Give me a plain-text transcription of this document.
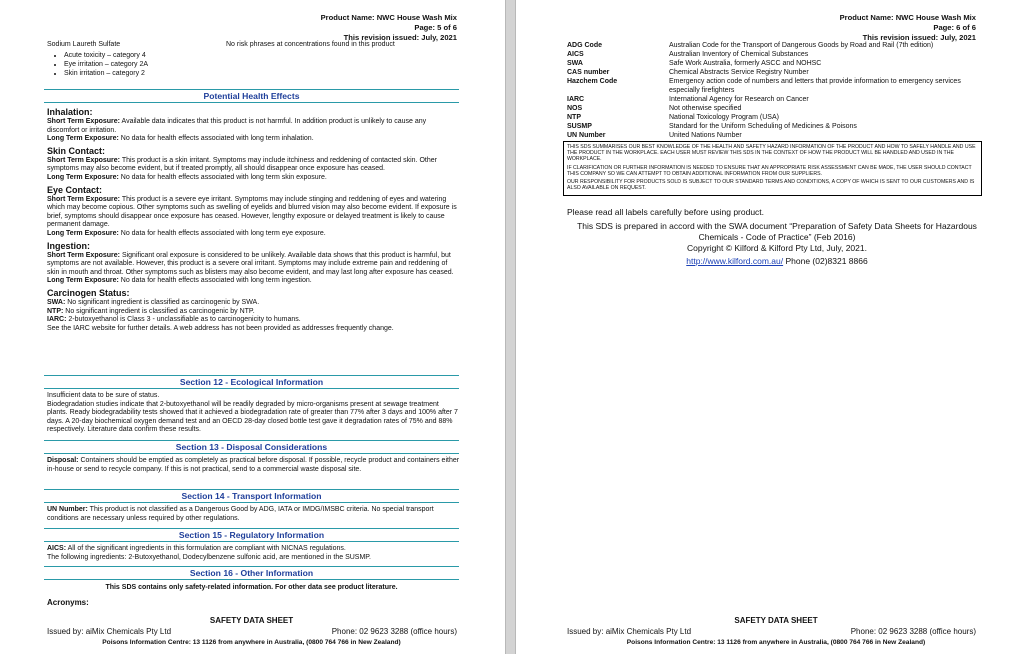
Product Name: NWC House Wash Mix
Page: 5 of 6
This revision issued: July, 2021
Sodium Laureth Sulfate	No risk phrases at concentrations found in this product
• Acute toxicity – category 4
• Eye irritation – category 2A
• Skin irritation – category 2
Potential Health Effects
Inhalation:
Short Term Exposure: Available data indicates that this product is not harmful. In addition product is unlikely to cause any discomfort or irritation.
Long Term Exposure: No data for health effects associated with long term inhalation.
Skin Contact:
Short Term Exposure: This product is a skin irritant. Symptoms may include itchiness and reddening of contacted skin. Other symptoms may also become evident, but if treated promptly, all should disappear once exposure has ceased.
Long Term Exposure: No data for health effects associated with long term skin exposure.
Eye Contact:
Short Term Exposure: This product is a severe eye irritant. Symptoms may include stinging and reddening of eyes and watering which may become copious. Other symptoms such as swelling of eyelids and blurred vision may also become evident. If exposure is brief, symptoms should disappear once exposure has ceased. However, lengthy exposure or delayed treatment is likely to cause permanent damage.
Long Term Exposure: No data for health effects associated with long term eye exposure.
Ingestion:
Short Term Exposure: Significant oral exposure is considered to be unlikely. Available data shows that this product is harmful, but symptoms are not available. However, this product is a severe oral irritant. Symptoms may include extreme pain and reddening of skin in mouth and throat. Other symptoms such as blisters may also become evident, and may last long after exposure has ceased.
Long Term Exposure: No data for health effects associated with long term ingestion.
Carcinogen Status:
SWA: No significant ingredient is classified as carcinogenic by SWA.
NTP: No significant ingredient is classified as carcinogenic by NTP.
IARC: 2-butoxyethanol is Class 3 - unclassifiable as to carcinogenicity to humans.
See the IARC website for further details. A web address has not been provided as addresses frequently change.
Section 12 - Ecological Information
Insufficient data to be sure of status.
Biodegradation studies indicate that 2-butoxyethanol will be readily degraded by micro-organisms present at sewage treatment plants. Ready biodegradability tests showed that it achieved a biodegradation rate of greater than 77% after 3 days and 100% after 7 days. A 20-day biochemical oxygen demand test and an OECD 28-day closed bottle test gave it degradation rates of 75% and 88% respectively. Literature data confirm these results.
Section 13 - Disposal Considerations
Disposal: Containers should be emptied as completely as practical before disposal. If possible, recycle product and containers either in-house or send to recycle company. If this is not practical, send to a commercial waste disposal site.
Section 14 - Transport Information
UN Number: This product is not classified as a Dangerous Good by ADG, IATA or IMDG/IMSBC criteria. No special transport conditions are necessary unless required by other regulations.
Section 15 - Regulatory Information
AICS: All of the significant ingredients in this formulation are compliant with NICNAS regulations.
The following ingredients: 2-Butoxyethanol, Dodecylbenzene sulfonic acid, are mentioned in the SUSMP.
Section 16 - Other Information
This SDS contains only safety-related information. For other data see product literature.
Acronyms:
SAFETY DATA SHEET
Issued by: aiMix Chemicals Pty Ltd	Phone: 02 9623 3288 (office hours)
Poisons Information Centre: 13 1126 from anywhere in Australia, (0800 764 766 in New Zealand)
Product Name: NWC House Wash Mix
Page: 6 of 6
This revision issued: July, 2021
ADG Code	Australian Code for the Transport of Dangerous Goods by Road and Rail (7th edition)
AICS	Australian Inventory of Chemical Substances
SWA	Safe Work Australia, formerly ASCC and NOHSC
CAS number	Chemical Abstracts Service Registry Number
Hazchem Code	Emergency action code of numbers and letters that provide information to emergency services especially firefighters
IARC	International Agency for Research on Cancer
NOS	Not otherwise specified
NTP	National Toxicology Program (USA)
SUSMP	Standard for the Uniform Scheduling of Medicines & Poisons
UN Number	United Nations Number
Please read all labels carefully before using product.
This SDS is prepared in accord with the SWA document “Preparation of Safety Data Sheets for Hazardous Chemicals - Code of Practice” (Feb 2016)
Copyright © Kilford & Kilford Pty Ltd, July, 2021.
http://www.kilford.com.au/ Phone (02)8321 8866
SAFETY DATA SHEET
Issued by: aiMix Chemicals Pty Ltd	Phone: 02 9623 3288 (office hours)
Poisons Information Centre: 13 1126 from anywhere in Australia, (0800 764 766 in New Zealand)

THIS SDS SUMMARISES OUR BEST KNOWLEDGE OF THE HEALTH AND SAFETY HAZARD INFORMATION OF THE PRODUCT AND HOW TO SAFELY HANDLE AND USE THE PRODUCT IN THE WORKPLACE. EACH USER MUST REVIEW THIS SDS IN THE CONTEXT OF HOW THE PRODUCT WILL BE HANDLED AND USED IN THE WORKPLACE.

IF CLARIFICATION OR FURTHER INFORMATION IS NEEDED TO ENSURE THAT AN APPROPRIATE RISK ASSESSMENT CAN BE MADE, THE USER SHOULD CONTACT THIS COMPANY SO WE CAN ATTEMPT TO OBTAIN ADDITIONAL INFORMATION FROM OUR SUPPLIERS.

OUR RESPONSIBILITY FOR PRODUCTS SOLD IS SUBJECT TO OUR STANDARD TERMS AND CONDITIONS, A COPY OF WHICH IS SENT TO OUR CUSTOMERS AND IS ALSO AVAILABLE ON REQUEST.
